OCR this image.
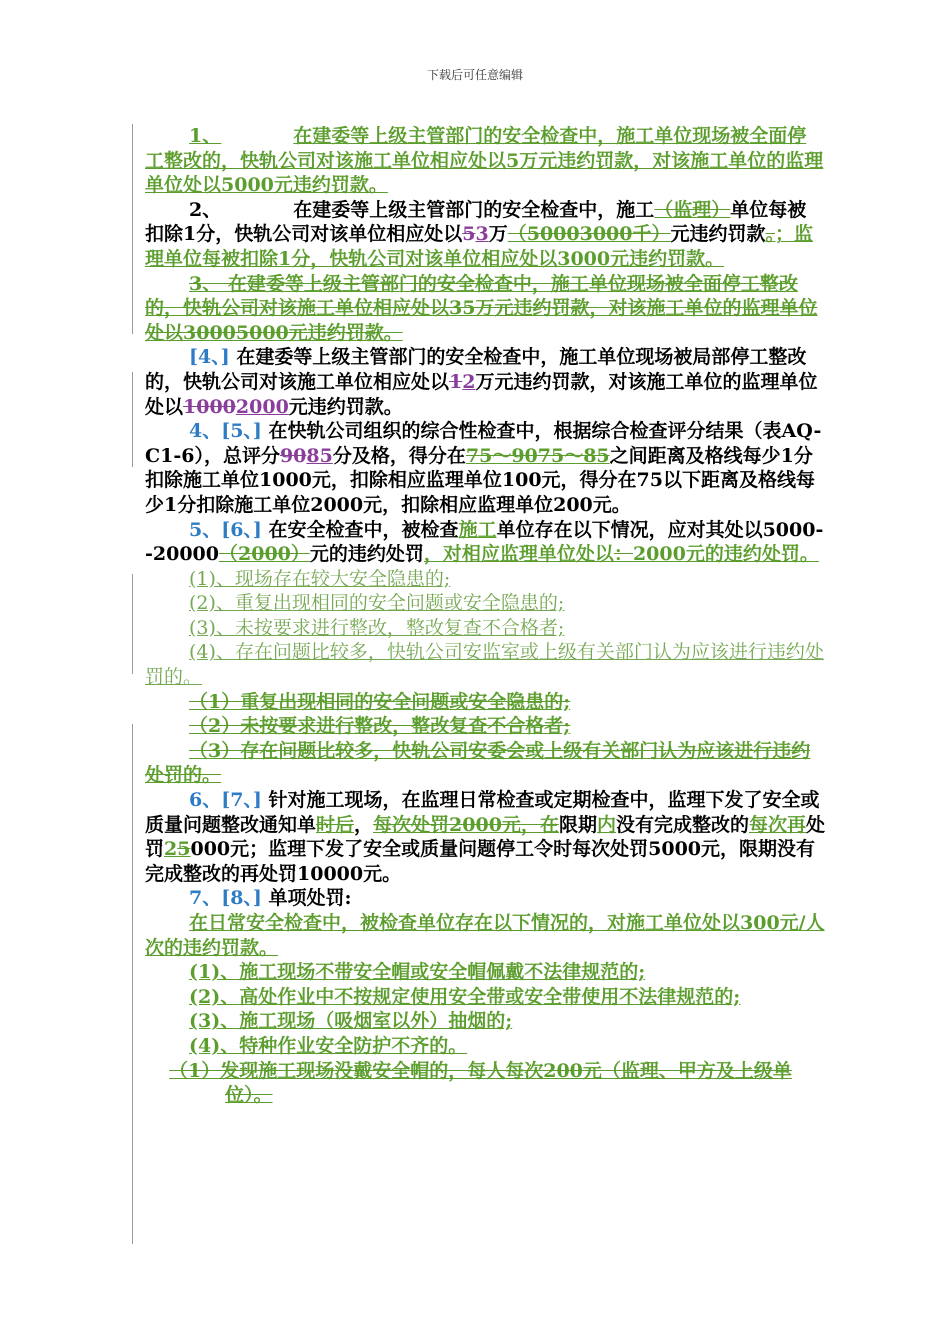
下载后可任意编辑

1、	在建委等上级主管部门的安全检查中，施工单位现场被全面停工整改的，快轨公司对该施工单位相应处以5万元违约罚款，对该施工单位的监理单位处以5000元违约罚款。

2、	在建委等上级主管部门的安全检查中，施工（监理）单位每被扣除1分，快轨公司对该单位相应处以53万（50003000千）元违约罚款。；监理单位每被扣除1分，快轨公司对该单位相应处以3000元违约罚款。

3、 在建委等上级主管部门的安全检查中，施工单位现场被全面停工整改的，快轨公司对该施工单位相应处以35万元违约罚款，对该施工单位的监理单位处以30005000元违约罚款。

[4、] 在建委等上级主管部门的安全检查中，施工单位现场被局部停工整改的，快轨公司对该施工单位相应处以12万元违约罚款，对该施工单位的监理单位处以10002000元违约罚款。

4、[5、] 在快轨公司组织的综合性检查中，根据综合检查评分结果（表AQ-C1-6），总评分9085分及格，得分在75～9075～85之间距离及格线每少1分扣除施工单位1000元，扣除相应监理单位100元，得分在75以下距离及格线每少1分扣除施工单位2000元，扣除相应监理单位200元。

5、[6、] 在安全检查中，被检查施工单位存在以下情况，应对其处以5000--20000（2000）元的违约处罚，对相应监理单位处以：2000元的违约处罚。

(1)、现场存在较大安全隐患的;

(2)、重复出现相同的安全问题或安全隐患的;

(3)、未按要求进行整改，整改复查不合格者;

(4)、存在问题比较多，快轨公司安监室或上级有关部门认为应该进行违约处罚的。

（1）重复出现相同的安全问题或安全隐患的;

（2）未按要求进行整改，整改复查不合格者;

（3）存在问题比较多，快轨公司安委会或上级有关部门认为应该进行违约处罚的。

6、[7、] 针对施工现场，在监理日常检查或定期检查中，监理下发了安全或质量问题整改通知单时后，每次处罚2000元，在限期内没有完成整改的每次再处罚25000元；监理下发了安全或质量问题停工令时每次处罚5000元，限期没有完成整改的再处罚10000元。

7、[8、] 单项处罚:

在日常安全检查中，被检查单位存在以下情况的，对施工单位处以300元/人次的违约罚款。

(1)、施工现场不带安全帽或安全帽佩戴不法律规范的;

(2)、高处作业中不按规定使用安全带或安全带使用不法律规范的;

(3)、施工现场（吸烟室以外）抽烟的;

(4)、特种作业安全防护不齐的。

（1）发现施工现场没戴安全帽的，每人每次200元（监理、甲方及上级单位）。
